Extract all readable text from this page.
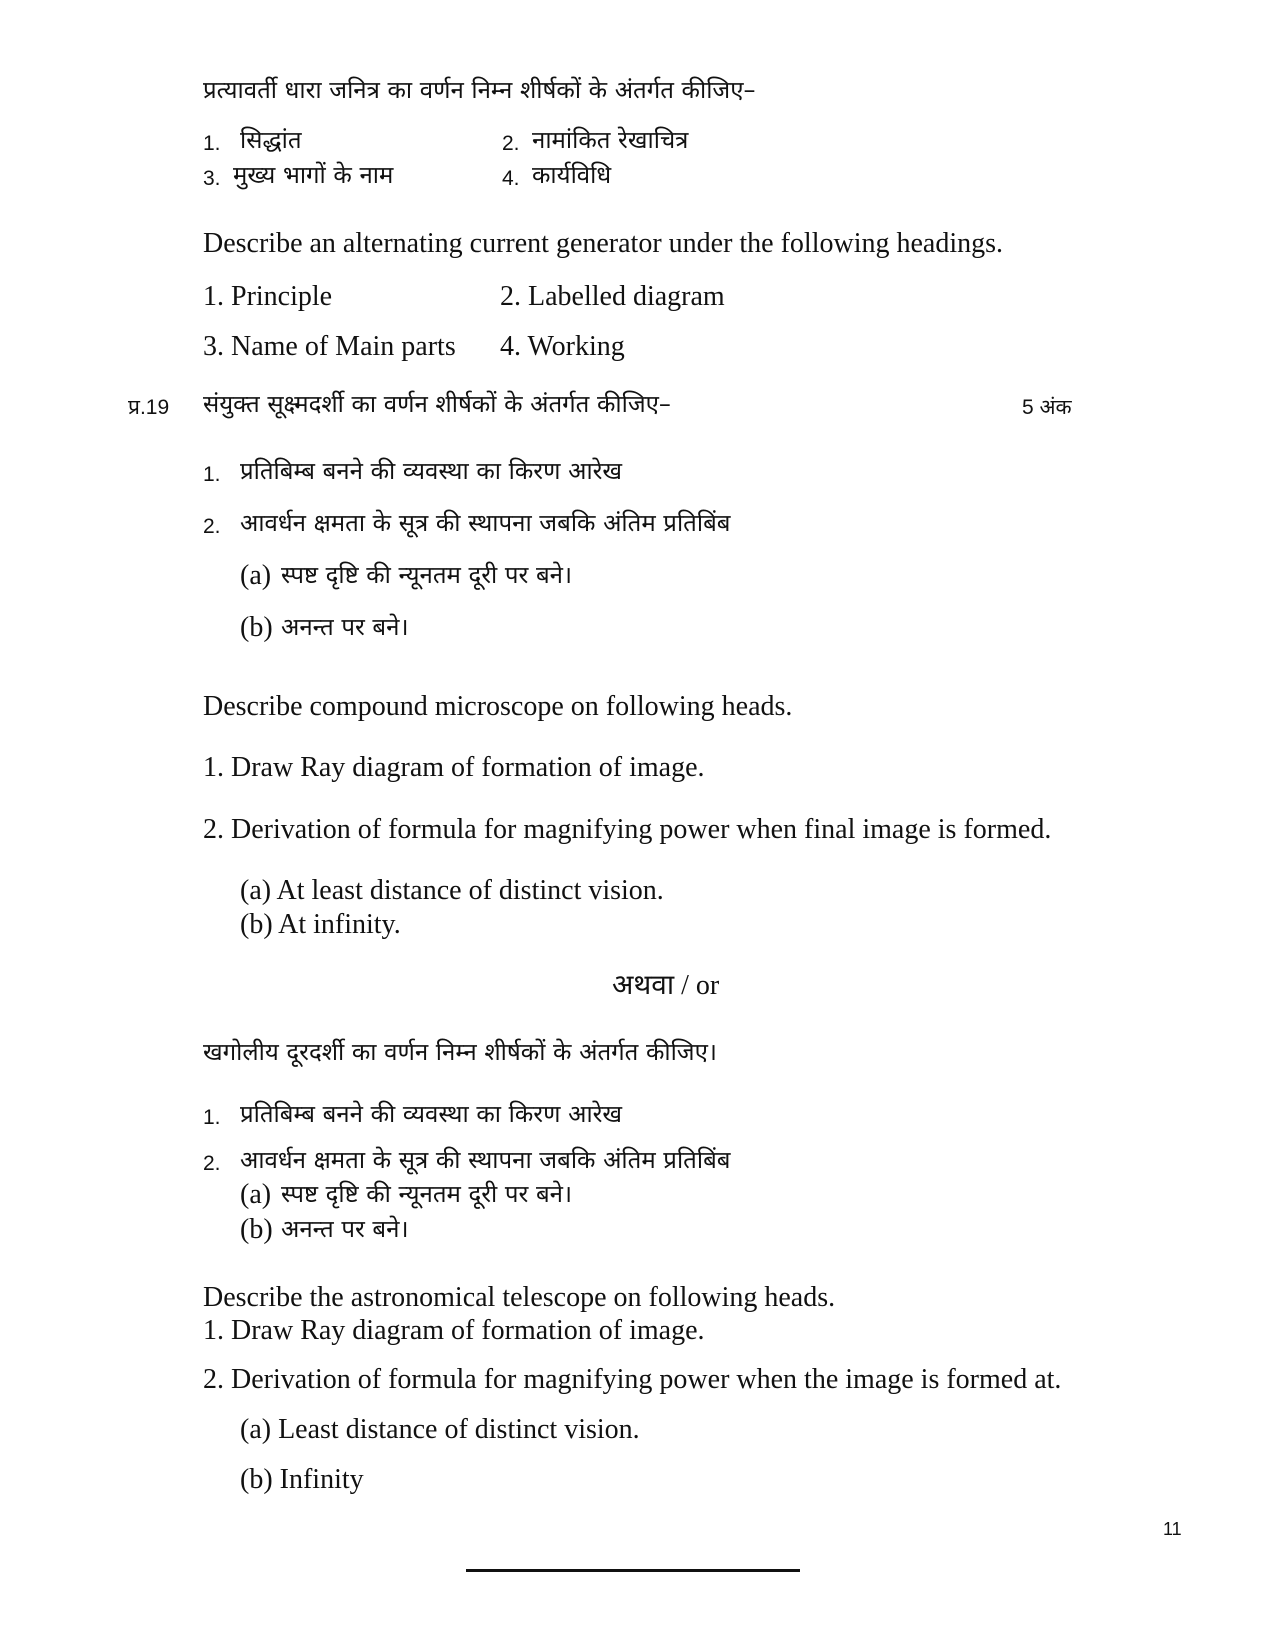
प्रत्यावर्ती धारा जनित्र का वर्णन निम्न शीर्षकों के अंतर्गत कीजिए–
1. सिद्धांत	2. नामांकित रेखाचित्र
3. मुख्य भागों के नाम	4. कार्यविधि
Describe an alternating current generator under the following headings.
1. Principle	2. Labelled diagram
3. Name of Main parts 4. Working
प्र.19 संयुक्त सूक्ष्मदर्शी का वर्णन शीर्षकों के अंतर्गत कीजिए–	5 अंक
1. प्रतिबिम्ब बनने की व्यवस्था का किरण आरेख
2. आवर्धन क्षमता के सूत्र की स्थापना जबकि अंतिम प्रतिबिंब
(a) स्पष्ट दृष्टि की न्यूनतम दूरी पर बने।
(b) अनन्त पर बने।
Describe compound microscope on following heads.
1. Draw Ray diagram of formation of image.
2. Derivation of formula for magnifying power when final image is formed.
(a) At least distance of distinct vision.
(b) At infinity.
अथवा / or
खगोलीय दूरदर्शी का वर्णन निम्न शीर्षकों के अंतर्गत कीजिए।
1. प्रतिबिम्ब बनने की व्यवस्था का किरण आरेख
2. आवर्धन क्षमता के सूत्र की स्थापना जबकि अंतिम प्रतिबिंब
(a) स्पष्ट दृष्टि की न्यूनतम दूरी पर बने।
(b) अनन्त पर बने।
Describe the astronomical telescope on following heads.
1. Draw Ray diagram of formation of image.
2. Derivation of formula for magnifying power when the image is formed at.
(a) Least distance of distinct vision.
(b) Infinity
11
